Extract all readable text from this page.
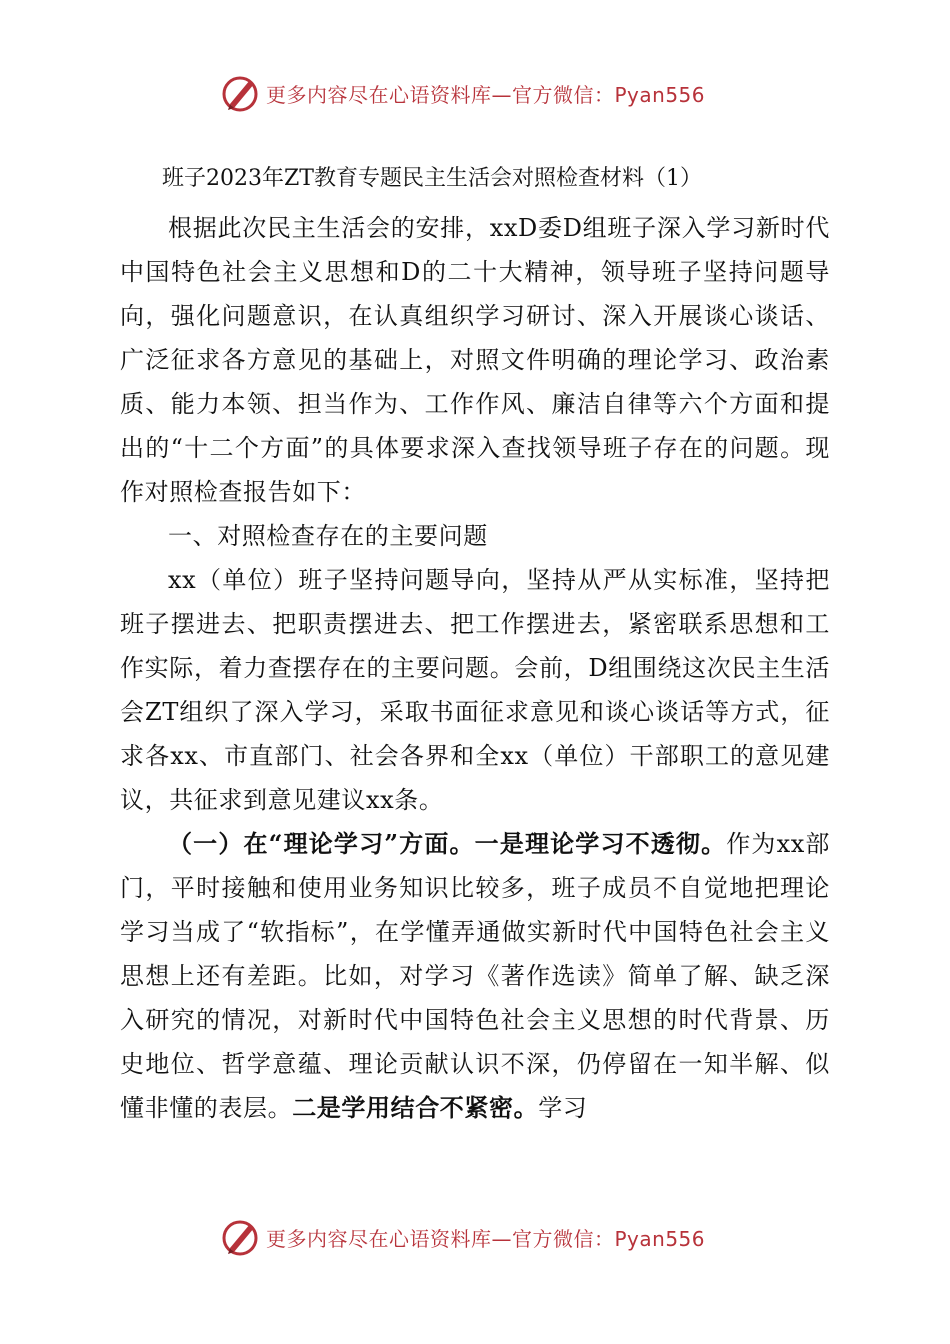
更多内容尽在心语资料库—官方微信：Pyan556
班子2023年ZT教育专题民主生活会对照检查材料（1）

根据此次民主生活会的安排，xxD委D组班子深入学习新时代中国特色社会主义思想和D的二十大精神，领导班子坚持问题导向，强化问题意识，在认真组织学习研讨、深入开展谈心谈话、广泛征求各方意见的基础上，对照文件明确的理论学习、政治素质、能力本领、担当作为、工作作风、廉洁自律等六个方面和提出的“十二个方面”的具体要求深入查找领导班子存在的问题。现作对照检查报告如下：

一、对照检查存在的主要问题

xx（单位）班子坚持问题导向，坚持从严从实标准，坚持把班子摆进去、把职责摆进去、把工作摆进去，紧密联系思想和工作实际，着力查摆存在的主要问题。会前，D组围绕这次民主生活会ZT组织了深入学习，采取书面征求意见和谈心谈话等方式，征求各xx、市直部门、社会各界和全xx（单位）干部职工的意见建议，共征求到意见建议xx条。

（一）在“理论学习”方面。一是理论学习不透彻。作为xx部门，平时接触和使用业务知识比较多，班子成员不自觉地把理论学习当成了“软指标”，在学懂弄通做实新时代中国特色社会主义思想上还有差距。比如，对学习《著作选读》简单了解、缺乏深入研究的情况，对新时代中国特色社会主义思想的时代背景、历史地位、哲学意蕴、理论贡献认识不深，仍停留在一知半解、似懂非懂的表层。二是学用结合不紧密。学习

更多内容尽在心语资料库—官方微信：Pyan556
